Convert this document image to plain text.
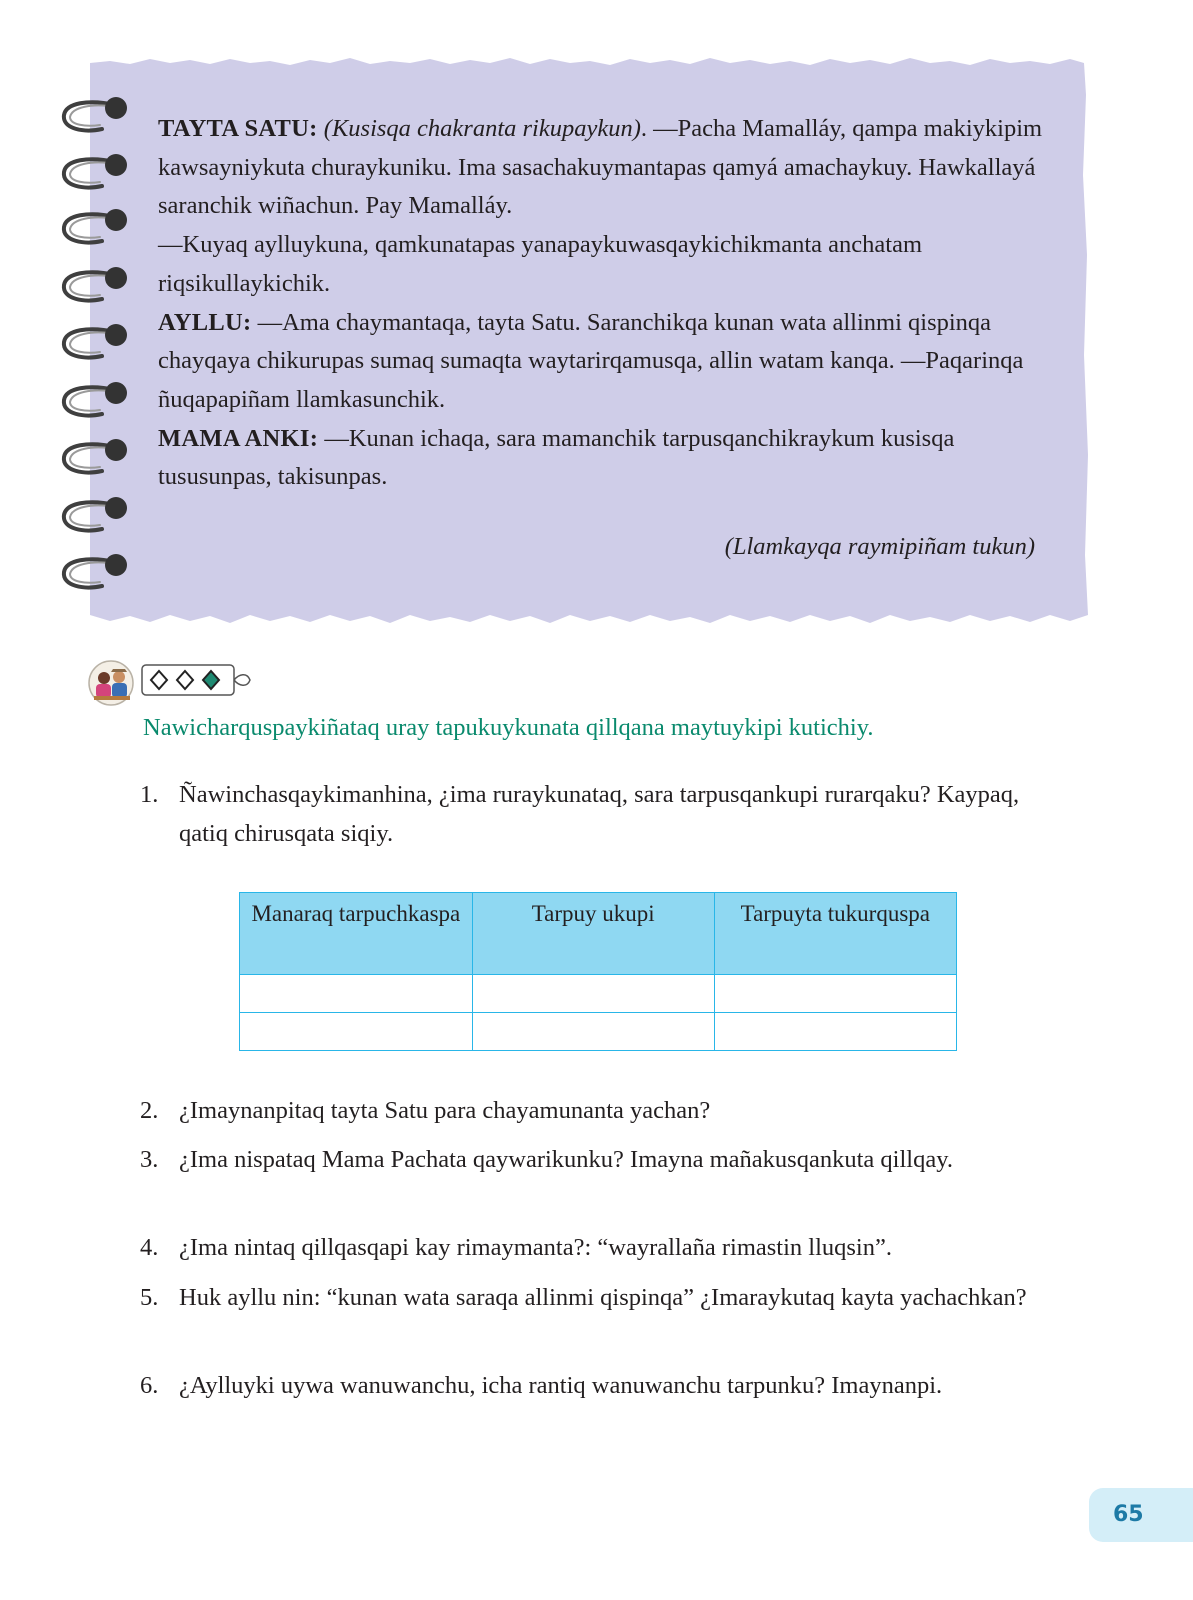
TAYTA SATU: (Kusisqa chakranta rikupaykun). —Pacha Mamalláy, qampa makiykipim kawsayniykuta churaykuniku. Ima sasachakuymantapas qamyá amachaykuy. Hawkallayá saranchik wiñachun. Pay Mamalláy.

—Kuyaq aylluykuna, qamkunatapas yanapaykuwasqaykichikmanta anchatam riqsikullaykichik.

AYLLU: —Ama chaymantaqa, tayta Satu. Saranchikqa kunan wata allinmi qispinqa chayqaya chikurupas sumaq sumaqta waytarirqamusqa, allin watam kanqa. —Paqarinqa ñuqapapiñam llamkasunchik.

MAMA ANKI: —Kunan ichaqa, sara mamanchik tarpusqanchikraykum kusisqa tususunpas, takisunpas.

(Llamkayqa raymipiñam tukun)
Nawicharquspaykiñataq uray tapukuykunata qillqana maytuykipi kutichiy.
1. Ñawinchasqaykimanhina, ¿ima ruraykunataq, sara tarpusqankupi rurarqaku? Kaypaq, qatiq chirusqata siqiy.
Manaraq tarpuchkaspa	Tarpuy ukupi	Tarpuyta tukurquspa

2. ¿Imaynanpitaq tayta Satu para chayamunanta yachan?
3. ¿Ima nispataq Mama Pachata qaywarikunku? Imayna mañakusqankuta qillqay.
4. ¿Ima nintaq qillqasqapi kay rimaymanta?: “wayrallaña rimastin lluqsin”.
5. Huk ayllu nin: “kunan wata saraqa allinmi qispinqa” ¿Imaraykutaq kayta yachachkan?
6. ¿Aylluyki uywa wanuwanchu, icha rantiq wanuwanchu tarpunku? Imaynanpi.
65
